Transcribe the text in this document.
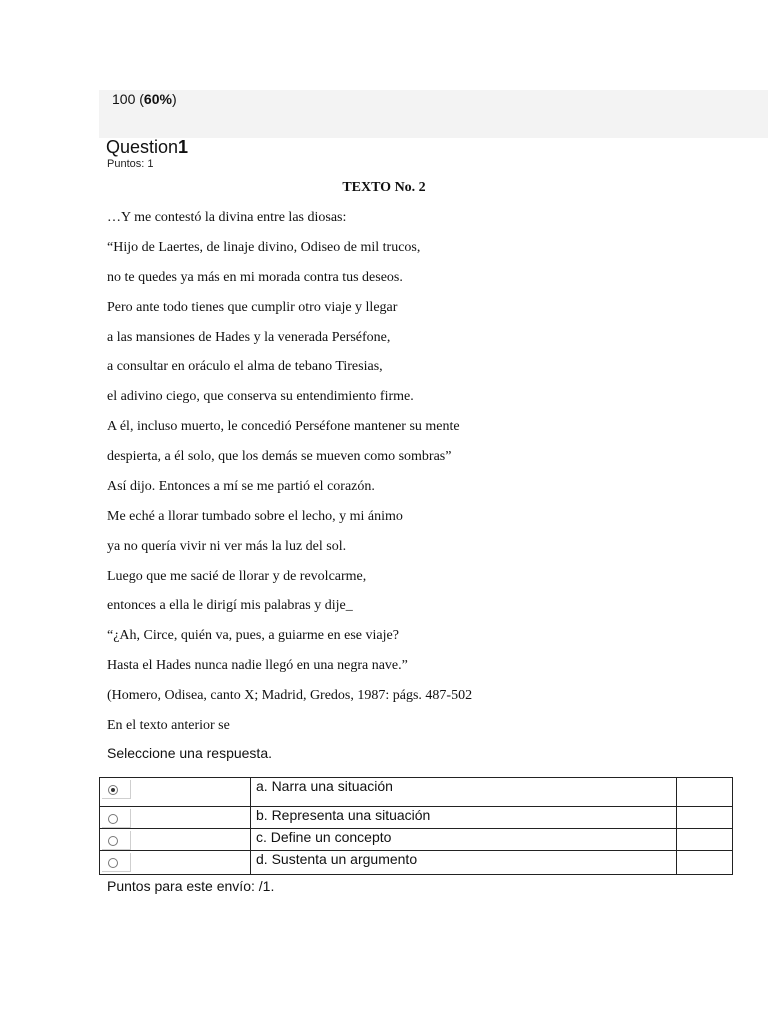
100 (60%)
Question1
Puntos: 1
TEXTO No. 2
…Y me contestó la divina entre las diosas:
“Hijo de Laertes, de linaje divino, Odiseo de mil trucos,
no te quedes ya más en mi morada contra tus deseos.
Pero ante todo tienes que cumplir otro viaje y llegar
a las mansiones de Hades y la venerada Perséfone,
a consultar en oráculo el alma de tebano Tiresias,
el adivino ciego, que conserva su entendimiento firme.
A él, incluso muerto, le concedió Perséfone mantener su mente
despierta, a él solo, que los demás se mueven como sombras”
Así dijo. Entonces a mí se me partió el corazón.
Me eché a llorar tumbado sobre el lecho, y mi ánimo
ya no quería vivir ni ver más la luz del sol.
Luego que me sacié de llorar y de revolcarme,
entonces a ella le dirigí mis palabras y dije_
“¿Ah, Circe, quién va, pues, a guiarme en ese viaje?
Hasta el Hades nunca nadie llegó en una negra nave.”
(Homero, Odisea, canto X; Madrid, Gredos, 1987: págs. 487-502
En el texto anterior se
Seleccione una respuesta.
	a. Narra una situación	

	b. Representa una situación	

	c. Define un concepto	

	d. Sustenta un argumento	
Puntos para este envío: /1.
